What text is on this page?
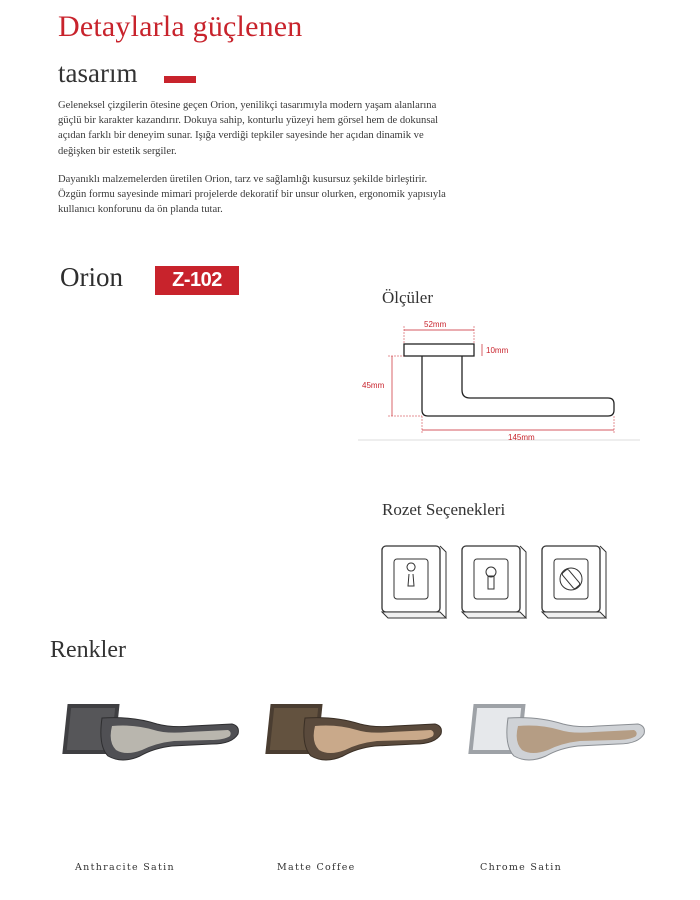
Detaylarla güçlenen
tasarım

Geleneksel çizgilerin ötesine geçen Orion, yenilikçi tasarımıyla modern yaşam alanlarına güçlü bir karakter kazandırır. Dokuya sahip, konturlu yüzeyi hem görsel hem de dokunsal açıdan farklı bir deneyim sunar. Işığa verdiği tepkiler sayesinde her açıdan dinamik ve değişken bir estetik sergiler.

Dayanıklı malzemelerden üretilen Orion, tarz ve sağlamlığı kusursuz şekilde birleştirir. Özgün formu sayesinde mimari projelerde dekoratif bir unsur olurken, ergonomik yapısıyla kullanıcı konforunu da ön planda tutar.

Orion Z-102
Ölçüler
52mm
10mm
45mm
145mm
Rozet Seçenekleri
Renkler
Anthracite Satin	Matte Coffee	Chrome Satin
